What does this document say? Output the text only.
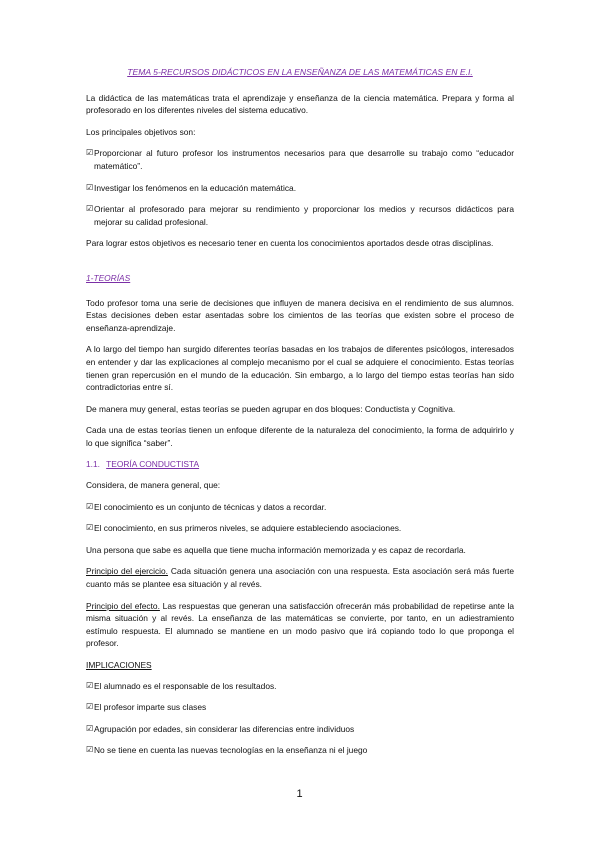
TEMA 5-RECURSOS DIDÁCTICOS EN LA ENSEÑANZA DE LAS MATEMÁTICAS EN E.I.

La didáctica de las matemáticas trata el aprendizaje y enseñanza de la ciencia matemática. Prepara y forma al profesorado en los diferentes niveles del sistema educativo.

Los principales objetivos son:

☑ Proporcionar al futuro profesor los instrumentos necesarios para que desarrolle su trabajo como “educador matemático”.
☑ Investigar los fenómenos en la educación matemática.
☑ Orientar al profesorado para mejorar su rendimiento y proporcionar los medios y recursos didácticos para mejorar su calidad profesional.

Para lograr estos objetivos es necesario tener en cuenta los conocimientos aportados desde otras disciplinas.

1-TEORÍAS

Todo profesor toma una serie de decisiones que influyen de manera decisiva en el rendimiento de sus alumnos. Estas decisiones deben estar asentadas sobre los cimientos de las teorías que existen sobre el proceso de enseñanza-aprendizaje.

A lo largo del tiempo han surgido diferentes teorías basadas en los trabajos de diferentes psicólogos, interesados en entender y dar las explicaciones al complejo mecanismo por el cual se adquiere el conocimiento. Estas teorías tienen gran repercusión en el mundo de la educación. Sin embargo, a lo largo del tiempo estas teorías han sido contradictorias entre sí.

De manera muy general, estas teorías se pueden agrupar en dos bloques: Conductista y Cognitiva.

Cada una de estas teorías tienen un enfoque diferente de la naturaleza del conocimiento, la forma de adquirirlo y lo que significa “saber”.

1.1. TEORÍA CONDUCTISTA

Considera, de manera general, que:

☑ El conocimiento es un conjunto de técnicas y datos a recordar.
☑ El conocimiento, en sus primeros niveles, se adquiere estableciendo asociaciones.

Una persona que sabe es aquella que tiene mucha información memorizada y es capaz de recordarla.

Principio del ejercicio. Cada situación genera una asociación con una respuesta. Esta asociación será más fuerte cuanto más se plantee esa situación y al revés.

Principio del efecto. Las respuestas que generan una satisfacción ofrecerán más probabilidad de repetirse ante la misma situación y al revés. La enseñanza de las matemáticas se convierte, por tanto, en un adiestramiento estímulo respuesta. El alumnado se mantiene en un modo pasivo que irá copiando todo lo que proponga el profesor.

IMPLICACIONES
☑ El alumnado es el responsable de los resultados.
☑ El profesor imparte sus clases
☑ Agrupación por edades, sin considerar las diferencias entre individuos
☑ No se tiene en cuenta las nuevas tecnologías en la enseñanza ni el juego
1
